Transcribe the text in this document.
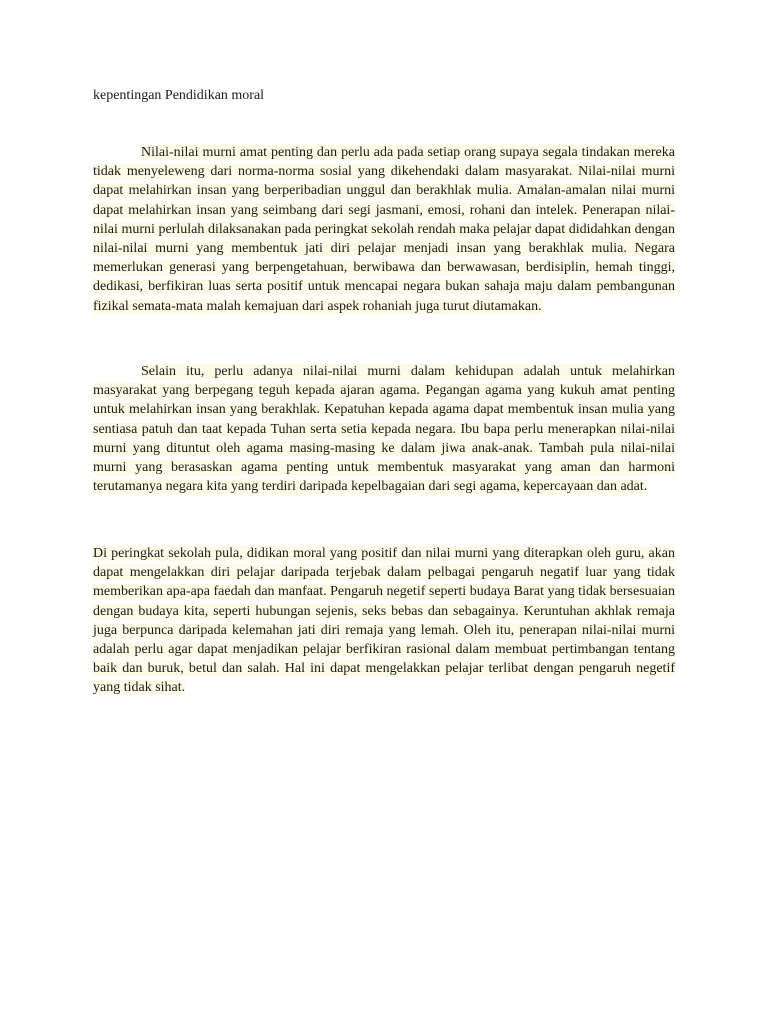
kepentingan Pendidikan moral

Nilai-nilai murni amat penting dan perlu ada pada setiap orang supaya segala tindakan mereka tidak menyeleweng dari norma-norma sosial yang dikehendaki dalam masyarakat. Nilai-nilai murni dapat melahirkan insan yang berperibadian unggul dan berakhlak mulia. Amalan-amalan nilai murni dapat melahirkan insan yang seimbang dari segi jasmani, emosi, rohani dan intelek. Penerapan nilai-nilai murni perlulah dilaksanakan pada peringkat sekolah rendah maka pelajar dapat dididahkan dengan nilai-nilai murni yang membentuk jati diri pelajar menjadi insan yang berakhlak mulia. Negara memerlukan generasi yang berpengetahuan, berwibawa dan berwawasan, berdisiplin, hemah tinggi, dedikasi, berfikiran luas serta positif untuk mencapai negara bukan sahaja maju dalam pembangunan fizikal semata-mata malah kemajuan dari aspek rohaniah juga turut diutamakan.

Selain itu, perlu adanya nilai-nilai murni dalam kehidupan adalah untuk melahirkan masyarakat yang berpegang teguh kepada ajaran agama. Pegangan agama yang kukuh amat penting untuk melahirkan insan yang berakhlak. Kepatuhan kepada agama dapat membentuk insan mulia yang sentiasa patuh dan taat kepada Tuhan serta setia kepada negara. Ibu bapa perlu menerapkan nilai-nilai murni yang dituntut oleh agama masing-masing ke dalam jiwa anak-anak. Tambah pula nilai-nilai murni yang berasaskan agama penting untuk membentuk masyarakat yang aman dan harmoni terutamanya negara kita yang terdiri daripada kepelbagaian dari segi agama, kepercayaan dan adat.

Di peringkat sekolah pula, didikan moral yang positif dan nilai murni yang diterapkan oleh guru, akan dapat mengelakkan diri pelajar daripada terjebak dalam pelbagai pengaruh negatif luar yang tidak memberikan apa-apa faedah dan manfaat. Pengaruh negetif seperti budaya Barat yang tidak bersesuaian dengan budaya kita, seperti hubungan sejenis, seks bebas dan sebagainya. Keruntuhan akhlak remaja juga berpunca daripada kelemahan jati diri remaja yang lemah. Oleh itu, penerapan nilai-nilai murni adalah perlu agar dapat menjadikan pelajar berfikiran rasional dalam membuat pertimbangan tentang baik dan buruk, betul dan salah. Hal ini dapat mengelakkan pelajar terlibat dengan pengaruh negetif yang tidak sihat.
